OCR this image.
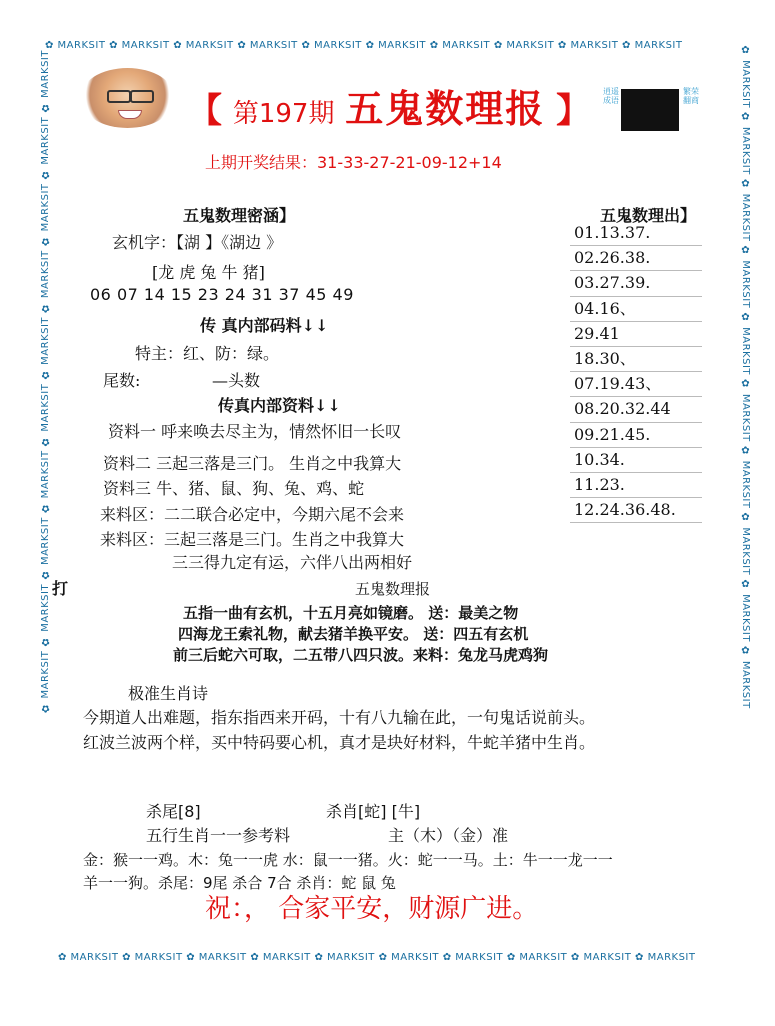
✿ MARKSIT ✿ MARKSIT ✿ MARKSIT ✿ MARKSIT ✿ MARKSIT ✿ MARKSIT ✿ MARKSIT ✿ MARKSIT ✿ MARKSIT ✿ MARKSIT
✿ MARKSIT ✿ MARKSIT ✿ MARKSIT ✿ MARKSIT ✿ MARKSIT ✿ MARKSIT ✿ MARKSIT ✿ MARKSIT ✿ MARKSIT ✿ MARKSIT
✿ MARKSIT ✿ MARKSIT ✿ MARKSIT ✿ MARKSIT ✿ MARKSIT ✿ MARKSIT ✿ MARKSIT ✿ MARKSIT ✿ MARKSIT ✿ MARKSIT	✿ MARKSIT ✿ MARKSIT ✿ MARKSIT ✿ MARKSIT ✿ MARKSIT ✿ MARKSIT ✿ MARKSIT ✿ MARKSIT ✿ MARKSIT ✿ MARKSIT
【 第197期 五鬼数理报 】 逍遥成语
繁荣翻商
上期开奖结果：31-33-27-21-09-12+14
五鬼数理密涵】
玄机字：【湖 】《湖边 》
[龙 虎 兔 牛 猪]
06 07 14 15 23 24 31 37 45 49
传 真内部码料↓↓
特主：红、防：绿。
尾数:	—头数
传真内部资料↓↓
资料一 呼来唤去尽主为，情然怀旧一长叹
资料二 三起三落是三门。 生肖之中我算大
资料三 牛、猪、鼠、狗、兔、鸡、蛇
来料区：二二联合必定中，今期六尾不会来
来料区：三起三落是三门。生肖之中我算大
三三得九定有运，六伴八出两相好
五鬼数理出】
01.13.37.
02.26.38.
03.27.39.
04.16、
29.41
18.30、
07.19.43、
08.20.32.44
09.21.45.
10.34.
11.23.
12.24.36.48.
打	五鬼数理报
五指一曲有玄机，十五月亮如镜磨。 送：最美之物
四海龙王索礼物，献去猪羊换平安。 送：四五有玄机
前三后蛇六可取，二五带八四只波。来料：兔龙马虎鸡狗
极准生肖诗
今期道人出难题，指东指西来开码，十有八九输在此，一句鬼话说前头。
红波兰波两个样，买中特码要心机，真才是块好材料，牛蛇羊猪中生肖。
杀尾[8]	杀肖[蛇] [牛]
五行生肖一一参考料	主（木）（金）准
金：猴一一鸡。木：兔一一虎 水：鼠一一猪。火：蛇一一马。土：牛一一龙一一
羊一一狗。杀尾：9尾 杀合 7合 杀肖：蛇 鼠 兔
祝：， 合家平安，财源广进。
